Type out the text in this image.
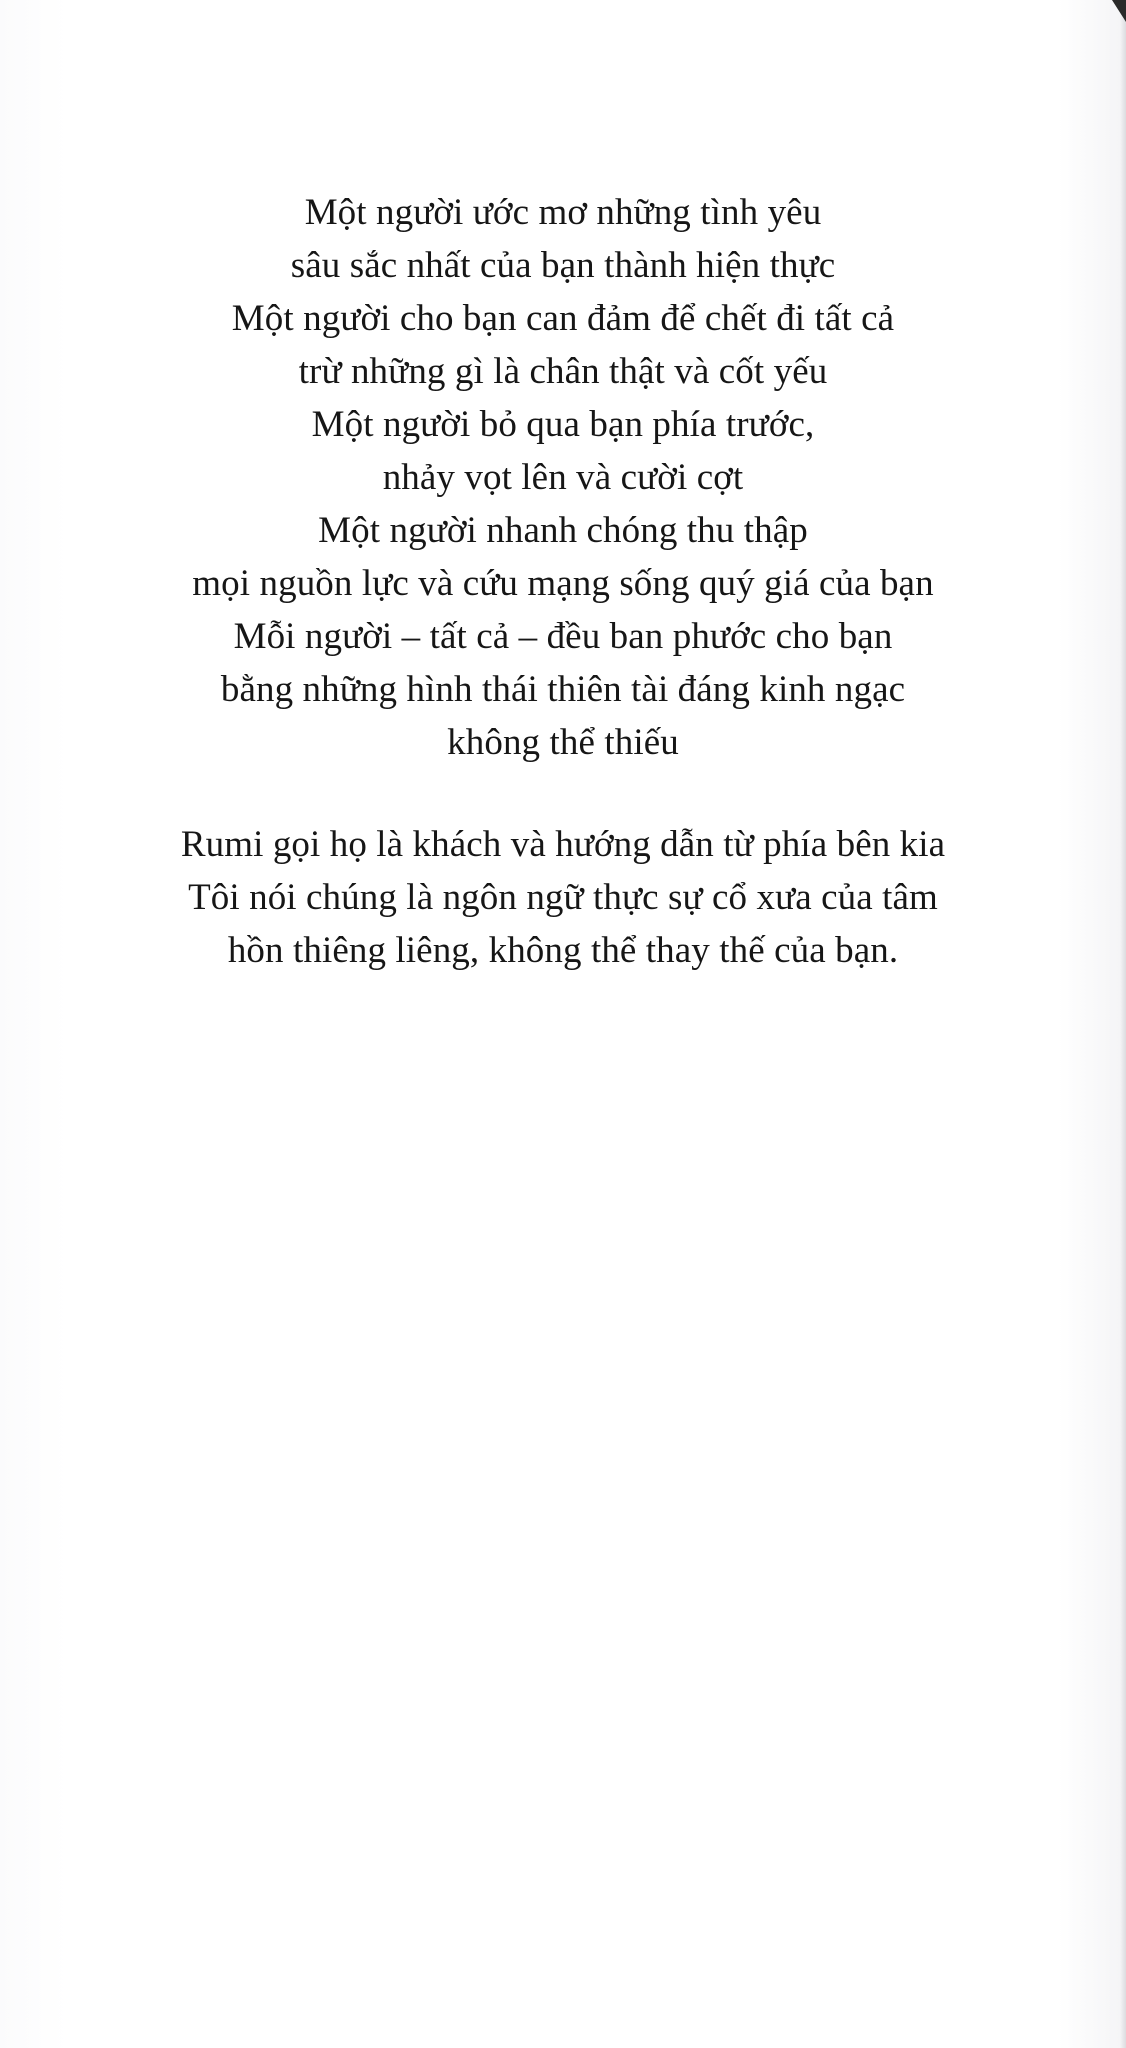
Một người ước mơ những tình yêu
sâu sắc nhất của bạn thành hiện thực
Một người cho bạn can đảm để chết đi tất cả
trừ những gì là chân thật và cốt yếu
Một người bỏ qua bạn phía trước,
nhảy vọt lên và cười cợt
Một người nhanh chóng thu thập
mọi nguồn lực và cứu mạng sống quý giá của bạn
Mỗi người – tất cả – đều ban phước cho bạn
bằng những hình thái thiên tài đáng kinh ngạc
không thể thiếu
Rumi gọi họ là khách và hướng dẫn từ phía bên kia
Tôi nói chúng là ngôn ngữ thực sự cổ xưa của tâm
hồn thiêng liêng, không thể thay thế của bạn.
